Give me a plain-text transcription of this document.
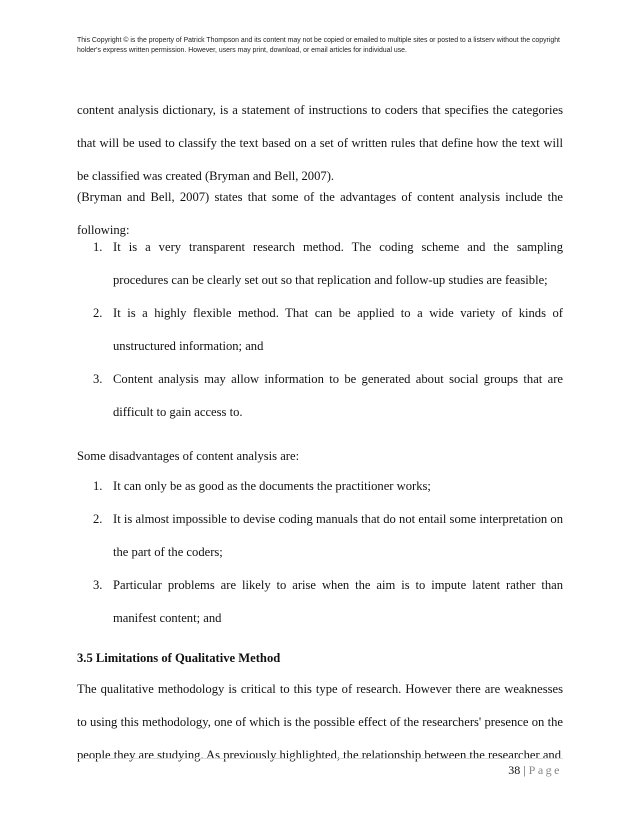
This Copyright © is the property of Patrick Thompson and its content may not be copied or emailed to multiple sites or posted to a listserv without the copyright holder's express written permission. However, users may print, download, or email articles for individual use.

content analysis dictionary, is a statement of instructions to coders that specifies the categories that will be used to classify the text based on a set of written rules that define how the text will be classified was created (Bryman and Bell, 2007).

(Bryman and Bell, 2007) states that some of the advantages of content analysis include the following:

1. It is a very transparent research method. The coding scheme and the sampling procedures can be clearly set out so that replication and follow-up studies are feasible;
2. It is a highly flexible method. That can be applied to a wide variety of kinds of unstructured information; and
3. Content analysis may allow information to be generated about social groups that are difficult to gain access to.

Some disadvantages of content analysis are:

1. It can only be as good as the documents the practitioner works;
2. It is almost impossible to devise coding manuals that do not entail some interpretation on the part of the coders;
3. Particular problems are likely to arise when the aim is to impute latent rather than manifest content; and
3.5 Limitations of Qualitative Method

The qualitative methodology is critical to this type of research. However there are weaknesses to using this methodology, one of which is the possible effect of the researchers' presence on the people they are studying. As previously highlighted, the relationship between the researcher and

38 | Page
